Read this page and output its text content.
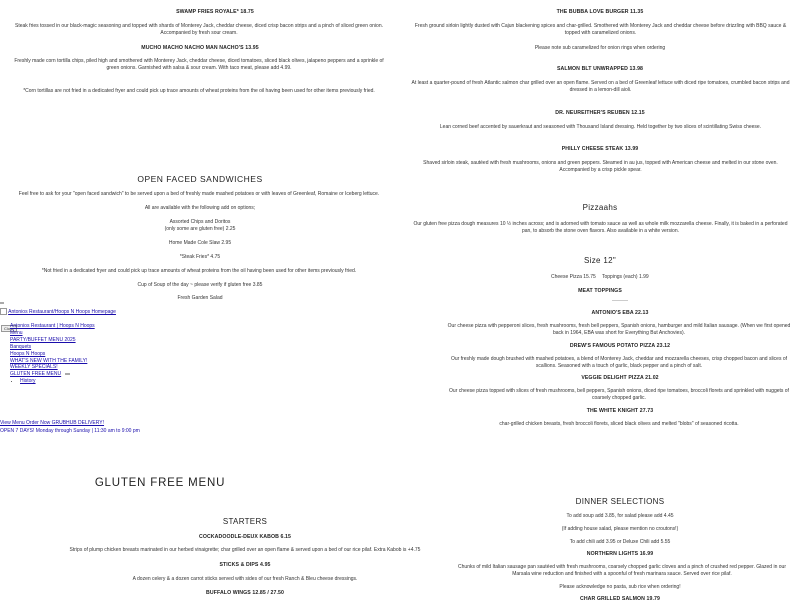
SWAMP FRIES ROYALE* 18.75
Steak fries tossed in our black-magic seasoning and topped with shards of Monterey Jack, cheddar cheese, diced crisp bacon strips and a pinch of sliced green onion. Accompanied by fresh sour cream.
MUCHO MACHO NACHO MAN NACHO'S 13.95
Freshly made corn tortilla chips, piled high and smothered with Monterey Jack, cheddar cheese, diced tomatoes, sliced black olives, jalapeno peppers and a sprinkle of green onions. Garnished with salsa & sour cream. With taco meat, please add 4.99.
*Corn tortillas are not fried in a dedicated fryer and could pick up trace amounts of wheat proteins from the oil having been used for other items previously fried.
OPEN FACED SANDWICHES
Feel free to ask for your "open faced sandwich" to be served upon a bed of freshly made mashed potatoes or with leaves of Greenleaf, Romaine or Iceberg lettuce.
All are available with the following add on options;
Assorted Chips and Doritos
(only some are gluten free) 2.25
Home Made Cole Slaw 2.95
*Steak Fries* 4.75
*Not fried in a dedicated fryer and could pick up trace amounts of wheat proteins from the oil having been used for other items previously fried.
Cup of Soup of the day ~ please verify if gluten free 3.85
Fresh Garden Salad
THE BUBBA LOVE BURGER 11.35
Fresh ground sirloin lightly dusted with Cajun blackening spices and char-grilled. Smothered with Monterey Jack and cheddar cheese before drizzling with BBQ sauce & topped with caramelized onions.
Please note sub caramelized for onion rings when ordering
SALMON BLT UNWRAPPED 13.98
At least a quarter-pound of fresh Atlantic salmon char grilled over an open flame. Served on a bed of Greenleaf lettuce with diced ripe tomatoes, crumbled bacon strips and dressed in a lemon-dill aioli.
DR. NEUREITHER'S REUBEN 12.15
Lean corned beef accented by sauerkraut and seasoned with Thousand Island dressing. Held together by two slices of scintillating Swiss cheese.
PHILLY CHEESE STEAK 13.99
Shaved sirloin steak, sautéed with fresh mushrooms, onions and green peppers. Steamed in au jus, topped with American cheese and melted in our stone oven. Accompanied by a crisp pickle spear.
Pizzaahs
Our gluten free pizza dough measures 10 ½ inches across; and is adorned with tomato sauce as well as whole milk mozzarella cheese. Finally, it is baked in a perforated pan, to absorb the stone oven flavors. Also available in a white version.
Size 12"
Cheese Pizza 15.75 Toppings (each) 1.99
MEAT TOPPINGS
ANTONIO'S EBA 22.13
Our cheese pizza with pepperoni slices, fresh mushrooms, fresh bell peppers, Spanish onions, hamburger and mild Italian sausage. (When we first opened back in 1964, EBA was short for Everything But Anchovies).
DREW'S FAMOUS POTATO PIZZA 23.12
Our freshly made dough brushed with mashed potatoes, a blend of Monterey Jack, cheddar and mozzarella cheeses, crisp chopped bacon and slices of scallions. Seasoned with a touch of garlic, black pepper and a pinch of salt.
VEGGIE DELIGHT PIZZA 21.02
Our cheese pizza topped with slices of fresh mushrooms, bell peppers, Spanish onions, diced ripe tomatoes, broccoli florets and sprinkled with nuggets of coarsely chopped garlic.
THE WHITE KNIGHT 27.73
char-grilled chicken breasts, fresh broccoli florets, sliced black olives and melted "blobs" of seasoned ricotta.
Antonios Restaurant/Hoops N Hoops Homepage
Close
Antonios Restaurant | Hoops N Hoops
Menu
PARTY/BUFFET MENU 2025
Banquets
Hoops N Hoops
WHAT'S NEW WITH THE FAMILY!
WEEKLY SPECIALS!
GLUTEN FREE MENU
• History
View Menu Order Now GRUBHUB DELIVERY!
OPEN 7 DAYS! Monday through Sunday | 11:30 am to 9:00 pm
GLUTEN FREE MENU
STARTERS
COCKADOODLE-DEUX KABOB 6.15
Strips of plump chicken breasts marinated in our herbed vinaigrette; char grilled over an open flame & served upon a bed of our rice pilaf. Extra Kabob is +4.75
STICKS & DIPS 4.95
A dozen celery & a dozen carrot sticks served with sides of our fresh Ranch & Bleu cheese dressings.
BUFFALO WINGS 12.85 / 27.50
DINNER SELECTIONS
To add soup add 3.85, for salad please add 4.45
(If adding house salad, please mention no croutons!)
To add chili add 3.95 or Deluxe Chili add 5.55
NORTHERN LIGHTS 16.99
Chunks of mild Italian sausage pan sautéed with fresh mushrooms, coarsely chopped garlic cloves and a pinch of crushed red pepper. Glazed in our Marsala wine reduction and finished with a spoonful of fresh marinara sauce. Served over rice pilaf.
Please acknowledge no pasta, sub rice when ordering!
CHAR GRILLED SALMON 19.79
